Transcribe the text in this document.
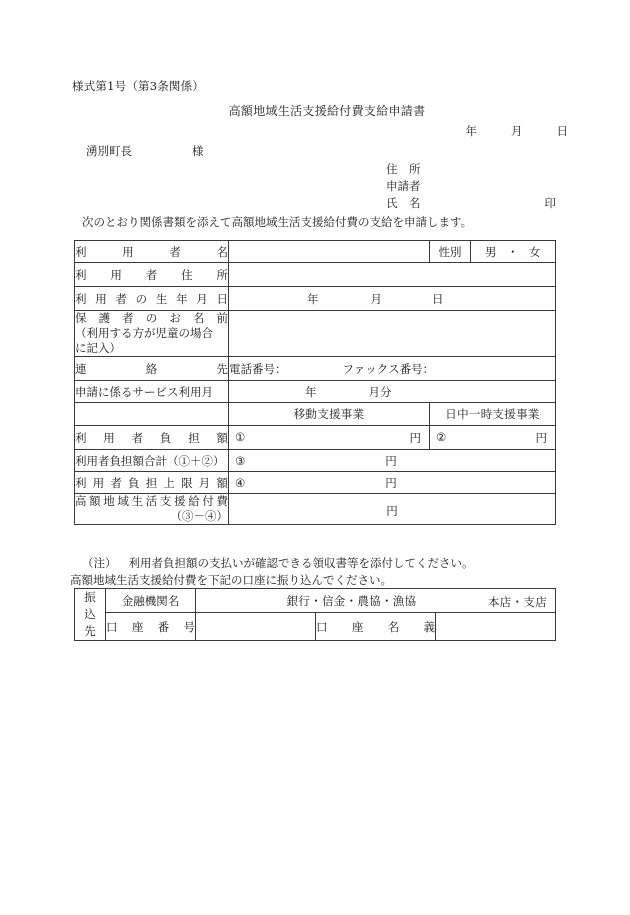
様式第1号（第3条関係）
高額地域生活支援給付費支給申請書
年	月	日
湧別町長	様
住　所
申請者
氏　名	印
次のとおり関係書類を添えて高額地域生活支援給付費の支給を申請します。
利用者名		性別	男 ・ 女
利用者住所			
利用者の生年月日	年 月 日		

保護者のお名前
（利用する方が児童の場合
に記入）			

連絡先	電話番号： ファックス番号：		
申請に係るサービス利用月	年 月分		
	移動支援事業	日中一時支援事業	
利用者負担額	① 円	② 円	

利用者負担額合計（①＋②）	③ 円		

利用者負担上限月額	④ 円		

高額地域生活支援給付費
（③－④）	円		
（注） 利用者負担額の支払いが確認できる領収書等を添付してください。
高額地域生活支援給付費を下記の口座に振り込んでください。
振
込
先	金融機関名	銀行・信金・農協・漁協 本店・支店		

	口座番号		口座名義	
